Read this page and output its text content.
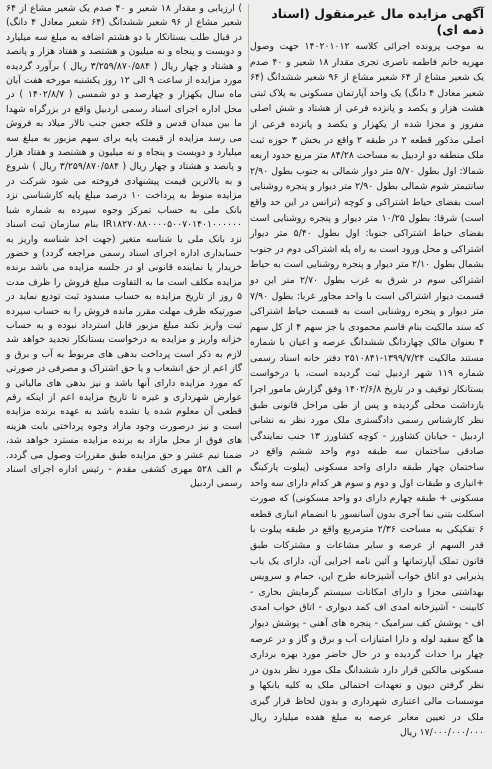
آگهی مزایده مال غیرمنقول (اسناد ذمه ای)

به موجب پرونده اجرائی کلاسه ۱۴۰۲۰۱۰۱۲ جهت وصول مهریه خانم فاطمه ناصری تجری مقدار ۱۸ شعیر و ۴۰ صدم یک شعیر مشاع از ۶۴ شعیر مشاع از ۹۶ شعیر ششدانگ (۶۴ شعیر معادل ۴ دانگ) یک واحد آپارتمان مسکونی به پلاک ثبتی هشت هزار و یکصد و پانزده فرعی از هشتاد و شش اصلی مفروز و مجزا شده از یکهزار و یکصد و پانزده فرعی از اصلی مذکور قطعه ۲ در طبقه ۲ واقع در بخش ۳ حوزه ثبت ملک منطقه دو اردبیل به مساحت ۸۴/۲۸ متر مربع حدود اربعه شمالا: اول بطول ۵/۷۰ متر دوار شمالی به جنوب بطول ۲/۹۰ سانتیمتر شوم شمالی بطول ۲/۹۰ متر دیوار و پنجره روشنایی است بفضای حیاط اشتراکی و کوچه (ترانس در این حد واقع است) شرقا: بطول ۱۰/۲۵ متر دیوار و پنجره روشنایی است بفضای حیاط اشتراکی جنوبا: اول بطول ۵/۴۰ متر دیوار اشتراکی و محل ورود است به راه پله اشتراکی دوم در جنوب بشمال بطول ۲/۱۰ متر دیوار و پنجره روشنایی است به حیاط اشتراکی سوم در شرق به غرب بطول ۲/۷۰ متر این دو قسمت دیوار اشتراکی است با واحد مجاور غربا: بطول ۷/۹۰ متر دیوار و پنجره روشنایی است به قسمت حیاط اشتراکی که سند مالکیت بنام قاسم محمودی با جز سهم ۴ از کل سهم ۴ بعنوان مالک چهاردانگ ششدانگ عرصه و اعیان با شماره مستند مالکیت ۱۳۹۹/۷/۲۴-۲۵۱۰۸۴۱ دفتر خانه اسناد رسمی شماره ۱۱۹ شهر اردبیل ثبت گردیده است، با درخواست بستانکار توقیف و در تاریخ ۱۴۰۲/۶/۸ وفق گزارش مامور اجرا بازداشت محلی گردیده و پس از طی مراحل قانونی طبق نظر کارشناس رسمی دادگستری ملک مورد نظر به نشانی اردبیل - خیابان کشاورز - کوچه کشاورز ۱۳ جنب نمایندگی صادقی ساختمان سه طبقه دوم واحد ششم واقع در ساختمان چهار طبقه دارای واحد مسکونی (پیلوت پارکینگ +انباری و طبقات اول و دوم و سوم هر کدام دارای سه واحد مسکونی + طبقه چهارم دارای دو واحد مسکونی) که صورت اسکلت بتنی نما آجری بدون آسانسور با انضمام انباری قطعه ۶ تفکیکی به مساحت ۲/۳۶ مترمربع واقع در طبقه پیلوت با قدر السهم از عرصه و سایر مشاعات و مشترکات طبق قانون تملک آپارتمانها و آئین نامه اجرایی آن، دارای یک باب پذیرایی دو اتاق خواب آشپزخانه طرح اپن، حمام و سرویس بهداشتی مجزا و دارای امکانات سیستم گرمایش بخاری - کابینت - آشپزخانه امدی اف کمد دیواری - اتاق خواب امدی اف - پوشش کف سرامیک - پنجره های آهنی - پوشش دیوار ها گچ سفید لوله و دارا امتیازات آب و برق و گاز و در عرصه چهار برا حدات گردیده و در حال حاضر مورد بهره برداری مسکونی مالکین قرار دارد ششدانگ ملک مورد نظر بدون در نظر گرفتن دیون و تعهدات احتمالی ملک به کلیه بانکها و موسسات مالی اعتباری شهرداری و بدون لحاظ قرار گیری ملک در تعیین معابر عرصه به مبلغ هفده میلیارد ریال ۱۷/۰۰۰/۰۰۰/۰۰۰ ریال

) ارزیابی و مقدار ۱۸ شعیر و ۴۰ صدم یک شعیر مشاع از ۶۴ شعیر مشاع از ۹۶ شعیر ششدانگ (۶۴ شعیر معادل ۴ دانگ) در قبال طلب بستانکار با دو هشتم اضافه به مبلغ سه میلیارد و دویست و پنجاه و نه میلیون و هشتصد و هفتاد هزار و پانصد و هشتاد و چهار ریال ( ۳/۲۵۹/۸۷۰/۵۸۴ ریال ) برآورد گردیده مورد مزایده از ساعت ۹ الی ۱۲ روز یکشنبه مورخه هفت آبان ماه سال یکهزار و چهارصد و دو شمسی ( ۱۴۰۲/۸/۷ ) در محل اداره اجرای اسناد رسمی اردبیل واقع در بزرگراه شهدا ما بین میدان قدس و فلکه جعین جنب تالار میلاد به فروش می رسد مزایده از قیمت پایه برای سهم مزبور به مبلغ سه میلیارد و دویست و پنجاه و نه میلیون و هشتصد و هفتاد هزار و پانصد و هشتاد و چهار ریال ( ۳/۲۵۹/۸۷۰/۵۸۴ ریال ) شروع و به بالاترین قیمت پیشنهادی فروخته می شود شرکت در مزایده منوط به پرداخت ۱۰ درصد مبلغ پایه کارشناسی نزد بانک ملی به حساب تمرکز وجوه سپرده به شماره شبا IR۱۸۲۷۰۸۸۰۰۰۰۵۰۰۷۰۱۴۰۱۰۰۰۰۰۰ بنام سازمان ثبت اسناد نزد بانک ملی با شناسه متغیر (جهت اخذ شناسه واریز به حسابداری اداره اجرای اسناد رسمی مراجعه گردد) و حضور خریدار یا نماینده قانونی او در جلسه مزایده می باشد برنده مزایده مکلف است ما به التفاوت مبلغ فروش را ظرف مدت ۵ روز از تاریخ مزایده به حساب مسدود ثبت تودیع نماید در صورتیکه ظرف مهلت مقرر مانده فروش را به حساب سپرده ثبت واریز نکند مبلغ مزبور قابل استرداد نبوده و به حساب خزانه واریز و مزایده به درخواست بستانکار تجدید خواهد شد لازم به ذکر است پرداخت بدهی های مربوط به آب و برق و گاز اعم از حق انشعاب و یا حق اشتراک و مصرفی در صورتی که مورد مزایده دارای آنها باشد و نیز بدهی های مالیاتی و عوارض شهرداری و غیره تا تاریخ مزایده اعم از اینکه رقم قطعی آن معلوم شده یا نشده باشد به عهده برنده مزایده است و نیز درصورت وجود مازاد وجوه پرداختی بابت هزینه های فوق از محل مازاد به برنده مزایده مسترد خواهد شد، ضمنا نیم عشر و حق مزایده طبق مقررات وصول می گردد. م الف ۵۲۸ مهری کشفی مقدم - رئیس اداره اجرای اسناد رسمی اردبیل
